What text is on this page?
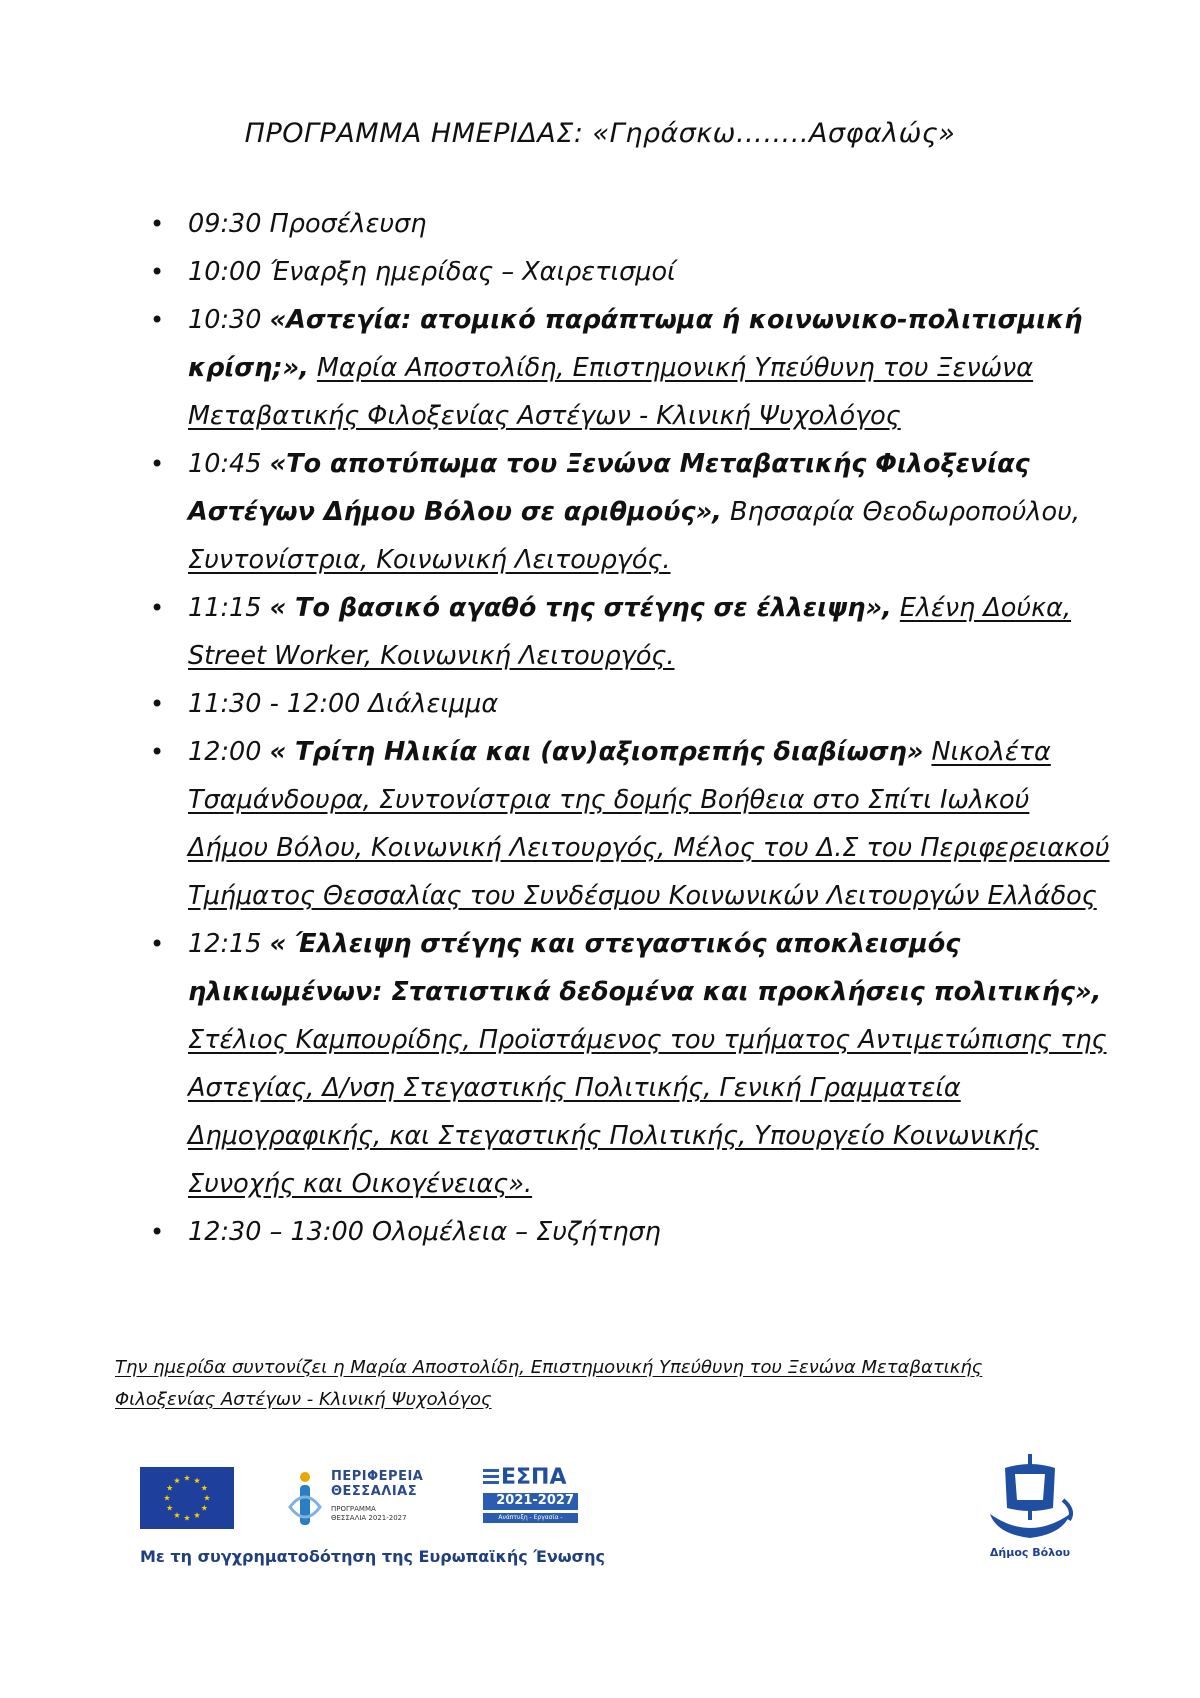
ΠΡΟΓΡΑΜΜΑ ΗΜΕΡΙΔΑΣ: «Γηράσκω……..Ασφαλώς»
• 09:30 Προσέλευση
• 10:00 Έναρξη ημερίδας – Χαιρετισμοί
• 10:30 «Αστεγία: ατομικό παράπτωμα ή κοινωνικο-πολιτισμική κρίση;», Μαρία Αποστολίδη, Επιστημονική Υπεύθυνη του Ξενώνα Μεταβατικής Φιλοξενίας Αστέγων - Κλινική Ψυχολόγος
• 10:45 «Το αποτύπωμα του Ξενώνα Μεταβατικής Φιλοξενίας Αστέγων Δήμου Βόλου σε αριθμούς», Βησσαρία Θεοδωροπούλου, Συντονίστρια, Κοινωνική Λειτουργός.
• 11:15 « Το βασικό αγαθό της στέγης σε έλλειψη», Ελένη Δούκα, Street Worker, Κοινωνική Λειτουργός.
• 11:30 - 12:00 Διάλειμμα
• 12:00 « Τρίτη Ηλικία και (αν)αξιοπρεπής διαβίωση» Νικολέτα Τσαμάνδουρα, Συντονίστρια της δομής Βοήθεια στο Σπίτι Ιωλκού Δήμου Βόλου, Κοινωνική Λειτουργός, Μέλος του Δ.Σ του Περιφερειακού Τμήματος Θεσσαλίας του Συνδέσμου Κοινωνικών Λειτουργών Ελλάδος
• 12:15 « Έλλειψη στέγης και στεγαστικός αποκλεισμός ηλικιωμένων: Στατιστικά δεδομένα και προκλήσεις πολιτικής», Στέλιος Καμπουρίδης, Προϊστάμενος του τμήματος Αντιμετώπισης της Αστεγίας, Δ/νση Στεγαστικής Πολιτικής, Γενική Γραμματεία Δημογραφικής, και Στεγαστικής Πολιτικής, Υπουργείο Κοινωνικής Συνοχής και Οικογένειας».
• 12:30 – 13:00 Ολομέλεια – Συζήτηση
Την ημερίδα συντονίζει η Μαρία Αποστολίδη, Επιστημονική Υπεύθυνη του Ξενώνα Μεταβατικής Φιλοξενίας Αστέγων - Κλινική Ψυχολόγος
ΠΕΡΙΦΕΡΕΙΑ
ΘΕΣΣΑΛΙΑΣ
ΠΡΟΓΡΑΜΜΑ
ΘΕΣΣΑΛΙΑ 2021-2027
ΕΣΠΑ
2021-2027
Ανάπτυξη - Εργασία - Αλληλεγγύη
Με τη συγχρηματοδότηση της Ευρωπαϊκής Ένωσης	Δήμος Βόλου
